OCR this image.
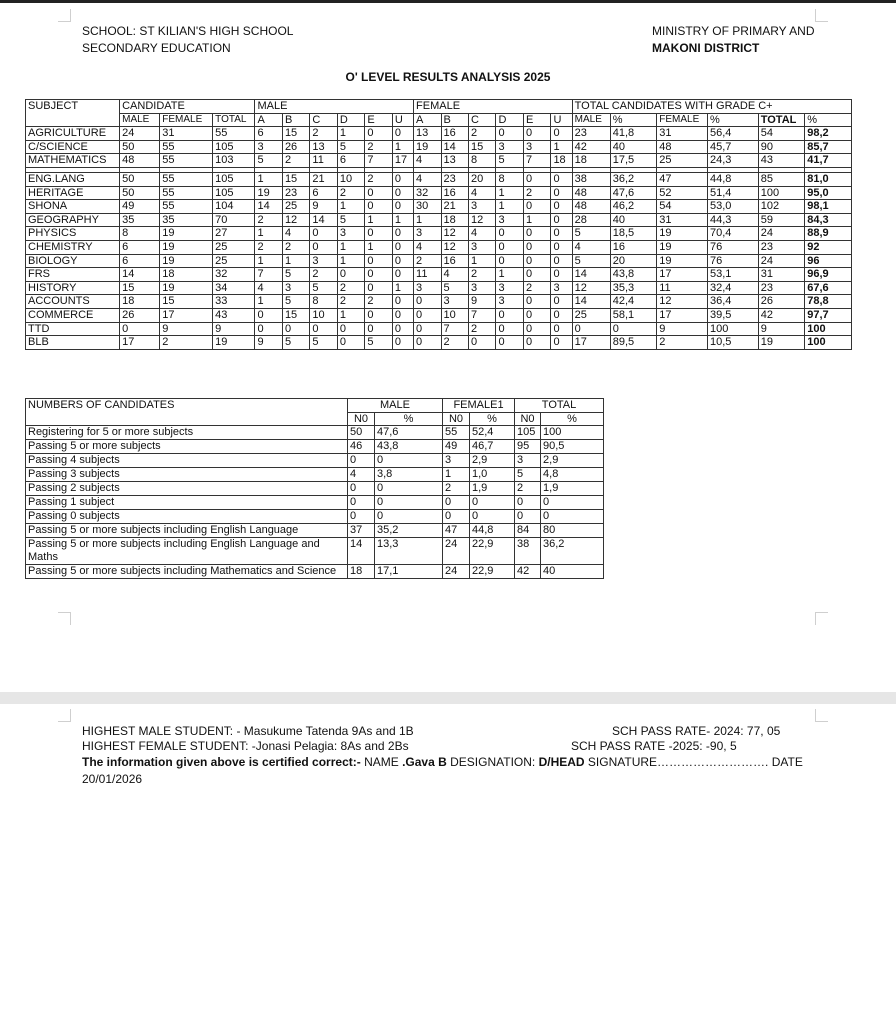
SCHOOL: ST KILIAN'S HIGH SCHOOL
SECONDARY EDUCATION
MINISTRY OF PRIMARY AND
MAKONI DISTRICT
O' LEVEL RESULTS ANALYSIS 2025
SUBJECT	CANDIDATE			MALE						FEMALE						TOTAL CANDIDATES WITH GRADE C+					
	MALE	FEMALE	TOTAL	A	B	C	D	E	U	A	B	C	D	E	U	MALE	%	FEMALE	%	TOTAL	%
AGRICULTURE	24	31	55	6	15	2	1	0	0	13	16	2	0	0	0	23	41,8	31	56,4	54	98,2
C/SCIENCE	50	55	105	3	26	13	5	2	1	19	14	15	3	3	1	42	40	48	45,7	90	85,7
MATHEMATICS	48	55	103	5	2	11	6	7	17	4	13	8	5	7	18	18	17,5	25	24,3	43	41,7

ENG.LANG	50	55	105	1	15	21	10	2	0	4	23	20	8	0	0	38	36,2	47	44,8	85	81,0
HERITAGE	50	55	105	19	23	6	2	0	0	32	16	4	1	2	0	48	47,6	52	51,4	100	95,0
SHONA	49	55	104	14	25	9	1	0	0	30	21	3	1	0	0	48	46,2	54	53,0	102	98,1
GEOGRAPHY	35	35	70	2	12	14	5	1	1	1	18	12	3	1	0	28	40	31	44,3	59	84,3
PHYSICS	8	19	27	1	4	0	3	0	0	3	12	4	0	0	0	5	18,5	19	70,4	24	88,9
CHEMISTRY	6	19	25	2	2	0	1	1	0	4	12	3	0	0	0	4	16	19	76	23	92
BIOLOGY	6	19	25	1	1	3	1	0	0	2	16	1	0	0	0	5	20	19	76	24	96
FRS	14	18	32	7	5	2	0	0	0	11	4	2	1	0	0	14	43,8	17	53,1	31	96,9
HISTORY	15	19	34	4	3	5	2	0	1	3	5	3	3	2	3	12	35,3	11	32,4	23	67,6
ACCOUNTS	18	15	33	1	5	8	2	2	0	0	3	9	3	0	0	14	42,4	12	36,4	26	78,8
COMMERCE	26	17	43	0	15	10	1	0	0	0	10	7	0	0	0	25	58,1	17	39,5	42	97,7
TTD	0	9	9	0	0	0	0	0	0	0	7	2	0	0	0	0	0	9	100	9	100
BLB	17	2	19	9	5	5	0	5	0	0	2	0	0	0	0	17	89,5	2	10,5	19	100
NUMBERS OF CANDIDATES	MALE		FEMALE1		TOTAL	
	N0	%	N0	%	N0	%
Registering for 5 or more subjects	50	47,6	55	52,4	105	100
Passing 5 or more subjects	46	43,8	49	46,7	95	90,5
Passing 4 subjects	0	0	3	2,9	3	2,9
Passing 3 subjects	4	3,8	1	1,0	5	4,8
Passing 2 subjects	0	0	2	1,9	2	1,9
Passing 1 subject	0	0	0	0	0	0
Passing 0 subjects	0	0	0	0	0	0
Passing 5 or more subjects including English Language	37	35,2	47	44,8	84	80
Passing 5 or more subjects including English Language and Maths	14	13,3	24	22,9	38	36,2
Passing 5 or more subjects including Mathematics and Science	18	17,1	24	22,9	42	40
HIGHEST MALE STUDENT: - Masukume Tatenda 9As and 1B
HIGHEST FEMALE STUDENT: -Jonasi Pelagia: 8As and 2Bs
SCH PASS RATE- 2024: 77, 05
SCH PASS RATE -2025: -90, 5
The information given above is certified correct:- NAME .Gava B DESIGNATION: D/HEAD SIGNATURE………………………. DATE
20/01/2026
